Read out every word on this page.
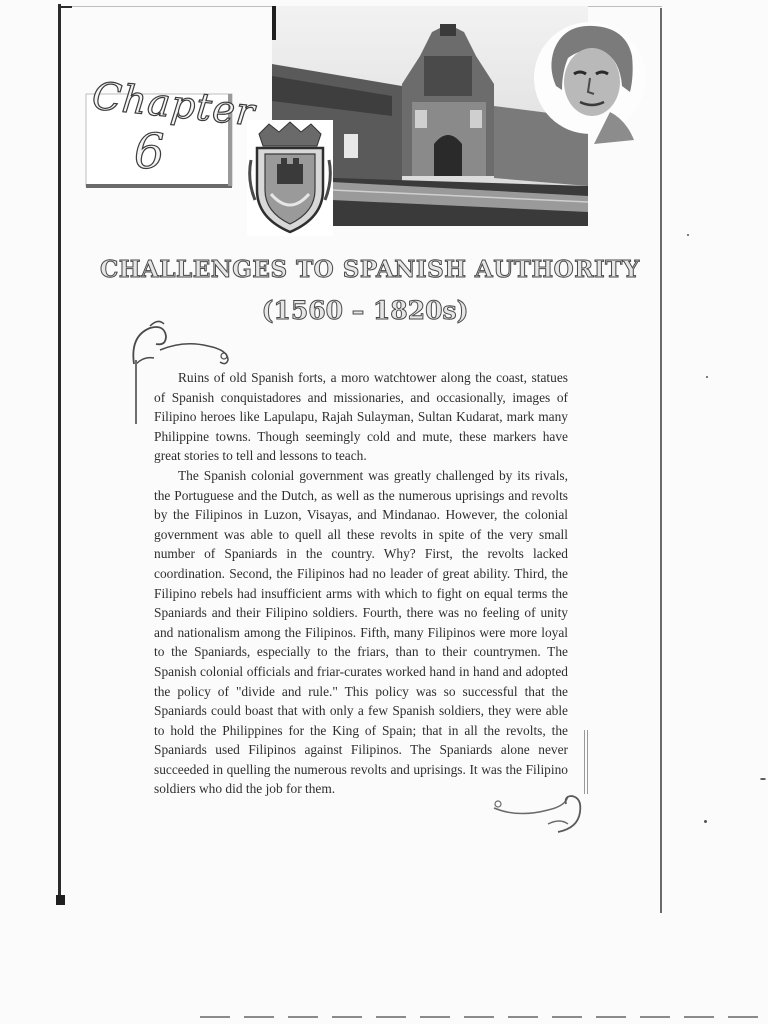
Chapter
6
CHALLENGES TO SPANISH AUTHORITY
(1560 – 1820s)

Ruins of old Spanish forts, a moro watchtower along the coast, statues of Spanish conquistadores and missionaries, and occasionally, images of Filipino heroes like Lapulapu, Rajah Sulayman, Sultan Kudarat, mark many Philippine towns. Though seemingly cold and mute, these markers have great stories to tell and lessons to teach.

The Spanish colonial government was greatly challenged by its rivals, the Portuguese and the Dutch, as well as the numerous uprisings and revolts by the Filipinos in Luzon, Visayas, and Mindanao. However, the colonial government was able to quell all these revolts in spite of the very small number of Spaniards in the country. Why? First, the revolts lacked coordination. Second, the Filipinos had no leader of great ability. Third, the Filipino rebels had insufficient arms with which to fight on equal terms the Spaniards and their Filipino soldiers. Fourth, there was no feeling of unity and nationalism among the Filipinos. Fifth, many Filipinos were more loyal to the Spaniards, especially to the friars, than to their countrymen. The Spanish colonial officials and friar-curates worked hand in hand and adopted the policy of "divide and rule." This policy was so successful that the Spaniards could boast that with only a few Spanish soldiers, they were able to hold the Philippines for the King of Spain; that in all the revolts, the Spaniards used Filipinos against Filipinos. The Spaniards alone never succeeded in quelling the numerous revolts and uprisings. It was the Filipino soldiers who did the job for them.
